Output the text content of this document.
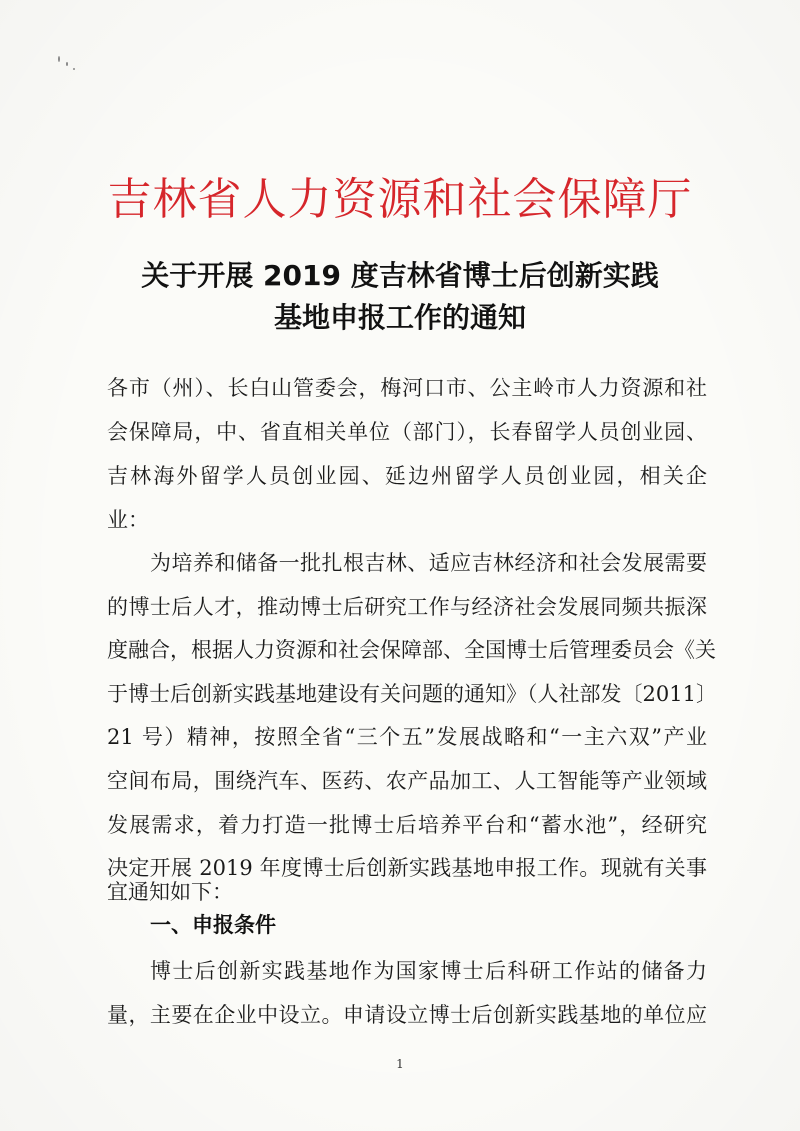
吉林省人力资源和社会保障厅
关于开展 2019 度吉林省博士后创新实践
基地申报工作的通知
各市（州）、长白山管委会，梅河口市、公主岭市人力资源和社
会保障局，中、省直相关单位（部门），长春留学人员创业园、
吉林海外留学人员创业园、延边州留学人员创业园，相关企
业：
为培养和储备一批扎根吉林、适应吉林经济和社会发展需要
的博士后人才，推动博士后研究工作与经济社会发展同频共振深
度融合，根据人力资源和社会保障部、全国博士后管理委员会《关
于博士后创新实践基地建设有关问题的通知》（人社部发〔2011〕
21 号）精神，按照全省“三个五”发展战略和“一主六双”产业
空间布局，围绕汽车、医药、农产品加工、人工智能等产业领域
发展需求，着力打造一批博士后培养平台和“蓄水池”，经研究
决定开展 2019 年度博士后创新实践基地申报工作。现就有关事
宜通知如下：
一、申报条件
博士后创新实践基地作为国家博士后科研工作站的储备力
量，主要在企业中设立。申请设立博士后创新实践基地的单位应
1
